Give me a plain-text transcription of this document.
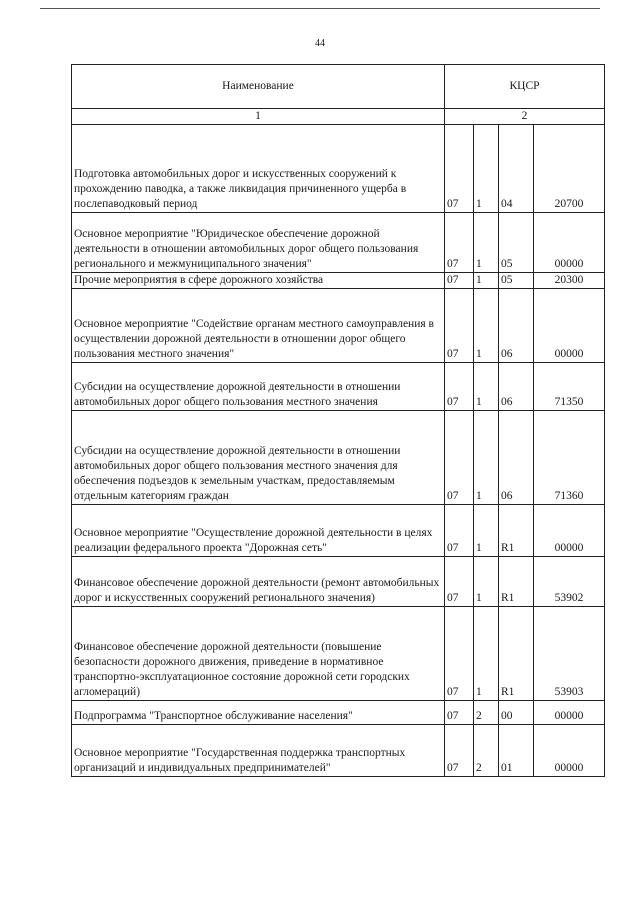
44
Наименование	КЦСР			
1	2			
Подготовка автомобильных дорог и искусственных сооружений к прохождению паводка, а также ликвидация причиненного ущерба в послепаводковый период	07	1	04	20700
Основное мероприятие "Юридическое обеспечение дорожной деятельности в отношении автомобильных дорог общего пользования регионального и межмуниципального значения"	07	1	05	00000
Прочие мероприятия в сфере дорожного хозяйства	07	1	05	20300
Основное мероприятие "Содействие органам местного самоуправления в осуществлении дорожной деятельности в отношении дорог общего пользования местного значения"	07	1	06	00000
Субсидии на осуществление дорожной деятельности в отношении автомобильных дорог общего пользования местного значения	07	1	06	71350
Субсидии на осуществление дорожной деятельности в отношении автомобильных дорог общего пользования местного значения для обеспечения подъездов к земельным участкам, предоставляемым отдельным категориям граждан	07	1	06	71360
Основное мероприятие "Осуществление дорожной деятельности в целях реализации федерального проекта "Дорожная сеть"	07	1	R1	00000
Финансовое обеспечение дорожной деятельности (ремонт автомобильных дорог и искусственных сооружений регионального значения)	07	1	R1	53902
Финансовое обеспечение дорожной деятельности (повышение безопасности дорожного движения, приведение в нормативное транспортно-эксплуатационное состояние дорожной сети городских агломераций)	07	1	R1	53903
Подпрограмма "Транспортное обслуживание населения"	07	2	00	00000
Основное мероприятие "Государственная поддержка транспортных организаций и индивидуальных предпринимателей"	07	2	01	00000
